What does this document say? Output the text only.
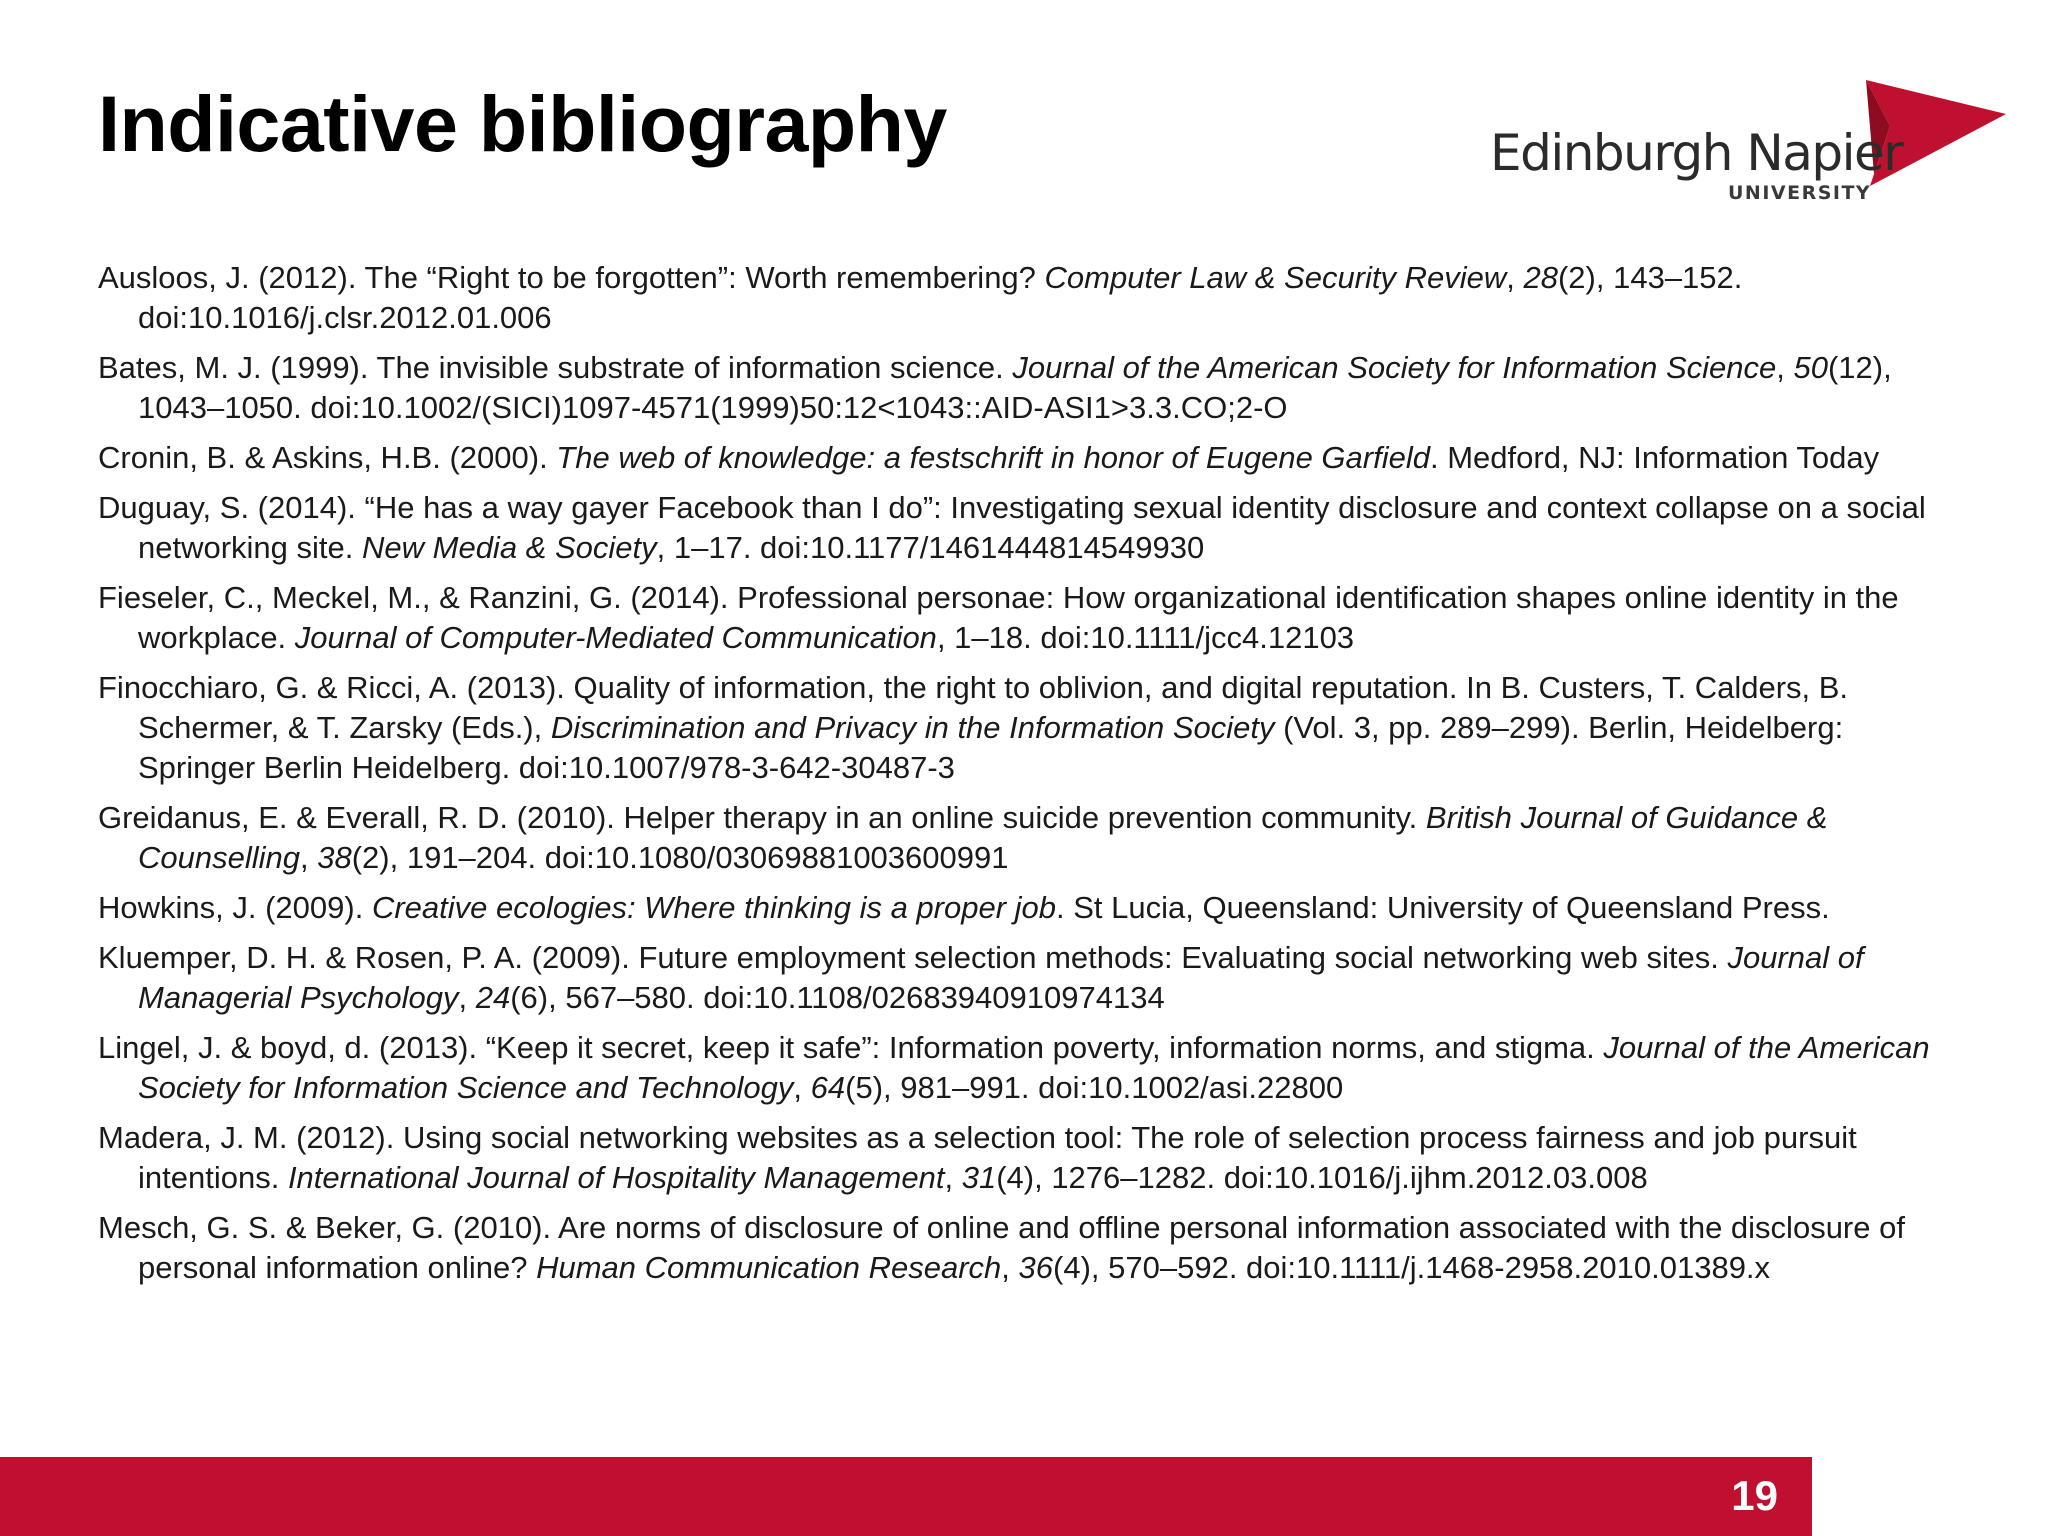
Indicative bibliography	Edinburgh Napier
UNIVERSITY
Ausloos, J. (2012). The “Right to be forgotten”: Worth remembering? Computer Law & Security Review, 28(2), 143–152. doi:10.1016/j.clsr.2012.01.006
Bates, M. J. (1999). The invisible substrate of information science. Journal of the American Society for Information Science, 50(12), 1043–1050. doi:10.1002/(SICI)1097-4571(1999)50:12<1043::AID-ASI1>3.3.CO;2-O
Cronin, B. & Askins, H.B. (2000). The web of knowledge: a festschrift in honor of Eugene Garfield. Medford, NJ: Information Today
Duguay, S. (2014). “He has a way gayer Facebook than I do”: Investigating sexual identity disclosure and context collapse on a social networking site. New Media & Society, 1–17. doi:10.1177/1461444814549930
Fieseler, C., Meckel, M., & Ranzini, G. (2014). Professional personae: How organizational identification shapes online identity in the workplace. Journal of Computer-Mediated Communication, 1–18. doi:10.1111/jcc4.12103
Finocchiaro, G. & Ricci, A. (2013). Quality of information, the right to oblivion, and digital reputation. In B. Custers, T. Calders, B. Schermer, & T. Zarsky (Eds.), Discrimination and Privacy in the Information Society (Vol. 3, pp. 289–299). Berlin, Heidelberg: Springer Berlin Heidelberg. doi:10.1007/978-3-642-30487-3
Greidanus, E. & Everall, R. D. (2010). Helper therapy in an online suicide prevention community. British Journal of Guidance & Counselling, 38(2), 191–204. doi:10.1080/03069881003600991
Howkins, J. (2009). Creative ecologies: Where thinking is a proper job. St Lucia, Queensland: University of Queensland Press.
Kluemper, D. H. & Rosen, P. A. (2009). Future employment selection methods: Evaluating social networking web sites. Journal of Managerial Psychology, 24(6), 567–580. doi:10.1108/02683940910974134
Lingel, J. & boyd, d. (2013). “Keep it secret, keep it safe”: Information poverty, information norms, and stigma. Journal of the American Society for Information Science and Technology, 64(5), 981–991. doi:10.1002/asi.22800
Madera, J. M. (2012). Using social networking websites as a selection tool: The role of selection process fairness and job pursuit intentions. International Journal of Hospitality Management, 31(4), 1276–1282. doi:10.1016/j.ijhm.2012.03.008
Mesch, G. S. & Beker, G. (2010). Are norms of disclosure of online and offline personal information associated with the disclosure of personal information online? Human Communication Research, 36(4), 570–592. doi:10.1111/j.1468-2958.2010.01389.x
19
